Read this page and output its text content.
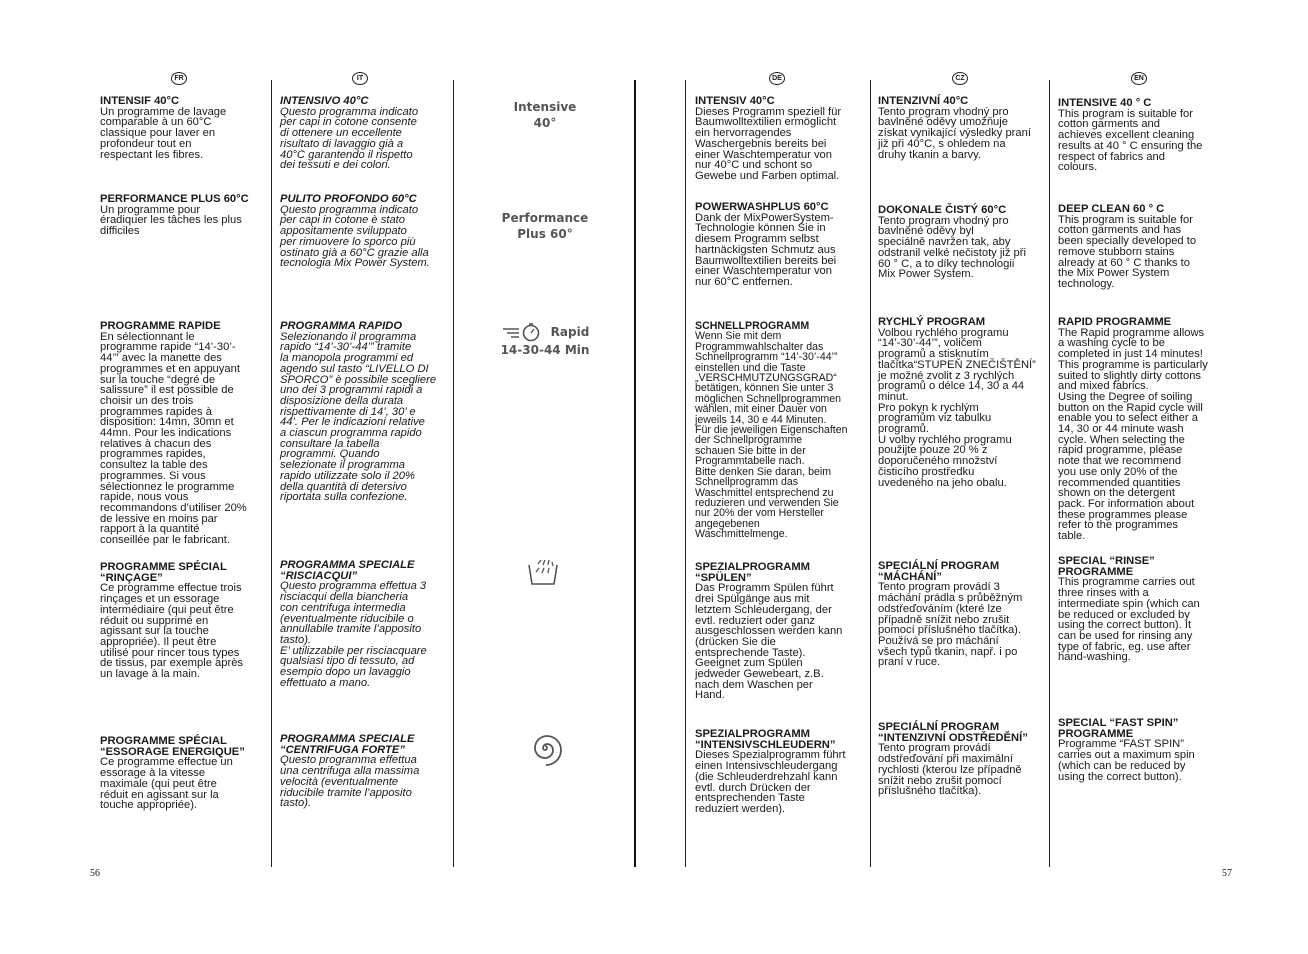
FR	IT	DE	CZ	EN
INTENSIF 40°C
Un programme de lavage
comparable à un 60°C
classique pour laver en
profondeur tout en
respectant les fibres.
PERFORMANCE PLUS 60°C
Un programme pour
éradiquer les tâches les plus
difficiles
PROGRAMME RAPIDE
En sélectionnant le
programme rapide “14’-30’-
44’” avec la manette des
programmes et en appuyant
sur la touche “degré de
salissure” il est possible de
choisir un des trois
programmes rapides à
disposition: 14mn, 30mn et
44mn. Pour les indications
relatives à chacun des
programmes rapides,
consultez la table des
programmes. Si vous
sélectionnez le programme
rapide, nous vous
recommandons d’utiliser 20%
de lessive en moins par
rapport à la quantité
conseillée par le fabricant.
PROGRAMME SPÉCIAL “RINÇAGE”
Ce programme effectue trois
rinçages et un essorage
intermédiaire (qui peut être
réduit ou supprimé en
agissant sur la touche
appropriée). Il peut être
utilisé pour rincer tous types
de tissus, par exemple après
un lavage à la main.
PROGRAMME SPÉCIAL “ESSORAGE ENERGIQUE”
Ce programme effectue un
essorage à la vitesse
maximale (qui peut être
réduit en agissant sur la
touche appropriée).
INTENSIVO 40°C
Questo programma indicato
per capi in cotone consente
di ottenere un eccellente
risultato di lavaggio già a
40°C garantendo il rispetto
dei tessuti e dei colori.
PULITO PROFONDO 60°C
Questo programma indicato
per capi in cotone è stato
appositamente sviluppato
per rimuovere lo sporco più
ostinato già a 60°C grazie alla
tecnologia Mix Power System.
PROGRAMMA RAPIDO
Selezionando il programma
rapido “14’-30’-44’” tramite
la manopola programmi ed
agendo sul tasto “LIVELLO DI
SPORCO” è possibile scegliere
uno dei 3 programmi rapidi a
disposizione della durata
rispettivamente di 14’, 30’ e
44’. Per le indicazioni relative
a ciascun programma rapido
consultare la tabella
programmi. Quando
selezionate il programma
rapido utilizzate solo il 20%
della quantità di detersivo
riportata sulla confezione.
PROGRAMMA SPECIALE “RISCIACQUI”
Questo programma effettua 3
risciacqui della biancheria
con centrifuga intermedia
(eventualmente riducibile o
annullabile tramite l’apposito
tasto).
E’ utilizzabile per risciacquare
qualsiasi tipo di tessuto, ad
esempio dopo un lavaggio
effettuato a mano.
PROGRAMMA SPECIALE “CENTRIFUGA FORTE”
Questo programma effettua
una centrifuga alla massima
velocità (eventualmente
riducibile tramite l’apposito
tasto).
Intensive
40°
Performance
Plus 60°
Rapid
14-30-44 Min
INTENSIV 40°C
Dieses Programm speziell für
Baumwolltextilien ermöglicht
ein hervorragendes
Waschergebnis bereits bei
einer Waschtemperatur von
nur 40°C und schont so
Gewebe und Farben optimal.
POWERWASHPLUS 60°C
Dank der MixPowerSystem-
Technologie können Sie in
diesem Programm selbst
hartnäckigsten Schmutz aus
Baumwolltextilien bereits bei
einer Waschtemperatur von
nur 60°C entfernen.
SCHNELLPROGRAMM
Wenn Sie mit dem
Programmwahlschalter das
Schnellprogramm “14’-30’-44’”
einstellen und die Taste
„VERSCHMUTZUNGSGRAD“
betätigen, können Sie unter 3
möglichen Schnellprogrammen
wählen, mit einer Dauer von
jeweils 14, 30 e 44 Minuten.
Für die jeweiligen Eigenschaften
der Schnellprogramme
schauen Sie bitte in der
Programmtabelle nach.
Bitte denken Sie daran, beim
Schnellprogramm das
Waschmittel entsprechend zu
reduzieren und verwenden Sie
nur 20% der vom Hersteller
angegebenen
Waschmittelmenge.
SPEZIALPROGRAMM “SPÜLEN”
Das Programm Spülen führt
drei Spülgänge aus mit
letztem Schleudergang, der
evtl. reduziert oder ganz
ausgeschlossen werden kann
(drücken Sie die
entsprechende Taste).
Geeignet zum Spülen
jedweder Gewebeart, z.B.
nach dem Waschen per
Hand.
SPEZIALPROGRAMM “INTENSIVSCHLEUDERN”
Dieses Spezialprogramm führt
einen Intensivschleudergang
(die Schleuderdrehzahl kann
evtl. durch Drücken der
entsprechenden Taste
reduziert werden).
INTENZIVNÍ 40°C
Tento program vhodný pro
bavlněné oděvy umožňuje
získat vynikající výsledky praní
již při 40°C, s ohledem na
druhy tkanin a barvy.
DOKONALE ČISTÝ 60°C
Tento program vhodný pro
bavlněné oděvy byl
speciálně navržen tak, aby
odstranil velké nečistoty již při
60 ° C, a to díky technologii
Mix Power System.
RYCHLÝ PROGRAM
Volbou rychlého programu
“14’-30’-44’”, voličem
programů a stisknutím
tlačítka“STUPEŇ ZNEČIŠTĚNÍ”
je možné zvolit z 3 rychlých
programů o délce 14, 30 a 44
minut.
Pro pokyn k rychlým
programům viz tabulku
programů.
U volby rychlého programu
použijte pouze 20 % z
doporučeného množství
čisticího prostředku
uvedeného na jeho obalu.
SPECIÁLNÍ PROGRAM “MÁCHÁNÍ”
Tento program provádí 3
máchání prádla s průběžným
odstřeďováním (které lze
případně snížit nebo zrušit
pomocí příslušného tlačítka).
Používá se pro máchání
všech typů tkanin, např. i po
praní v ruce.
SPECIÁLNÍ PROGRAM “INTENZIVNÍ ODSTŘEDĚNÍ”
Tento program provádí
odstřeďování při maximální
rychlosti (kterou lze případně
snížit nebo zrušit pomocí
příslušného tlačítka).
INTENSIVE 40 ° C
This program is suitable for
cotton garments and
achieves excellent cleaning
results at 40 ° C ensuring the
respect of fabrics and
colours.
DEEP CLEAN 60 ° C
This program is suitable for
cotton garments and has
been specially developed to
remove stubborn stains
already at 60 ° C thanks to
the Mix Power System
technology.
RAPID PROGRAMME
The Rapid programme allows
a washing cycle to be
completed in just 14 minutes!
This programme is particularly
suited to slightly dirty cottons
and mixed fabrics.
Using the Degree of soiling
button on the Rapid cycle will
enable you to select either a
14, 30 or 44 minute wash
cycle. When selecting the
rapid programme, please
note that we recommend
you use only 20% of the
recommended quantities
shown on the detergent
pack. For information about
these programmes please
refer to the programmes
table.
SPECIAL “RINSE” PROGRAMME
This programme carries out
three rinses with a
intermediate spin (which can
be reduced or excluded by
using the correct button). It
can be used for rinsing any
type of fabric, eg. use after
hand-washing.
SPECIAL “FAST SPIN” PROGRAMME
Programme “FAST SPIN”
carries out a maximum spin
(which can be reduced by
using the correct button).
56	57
